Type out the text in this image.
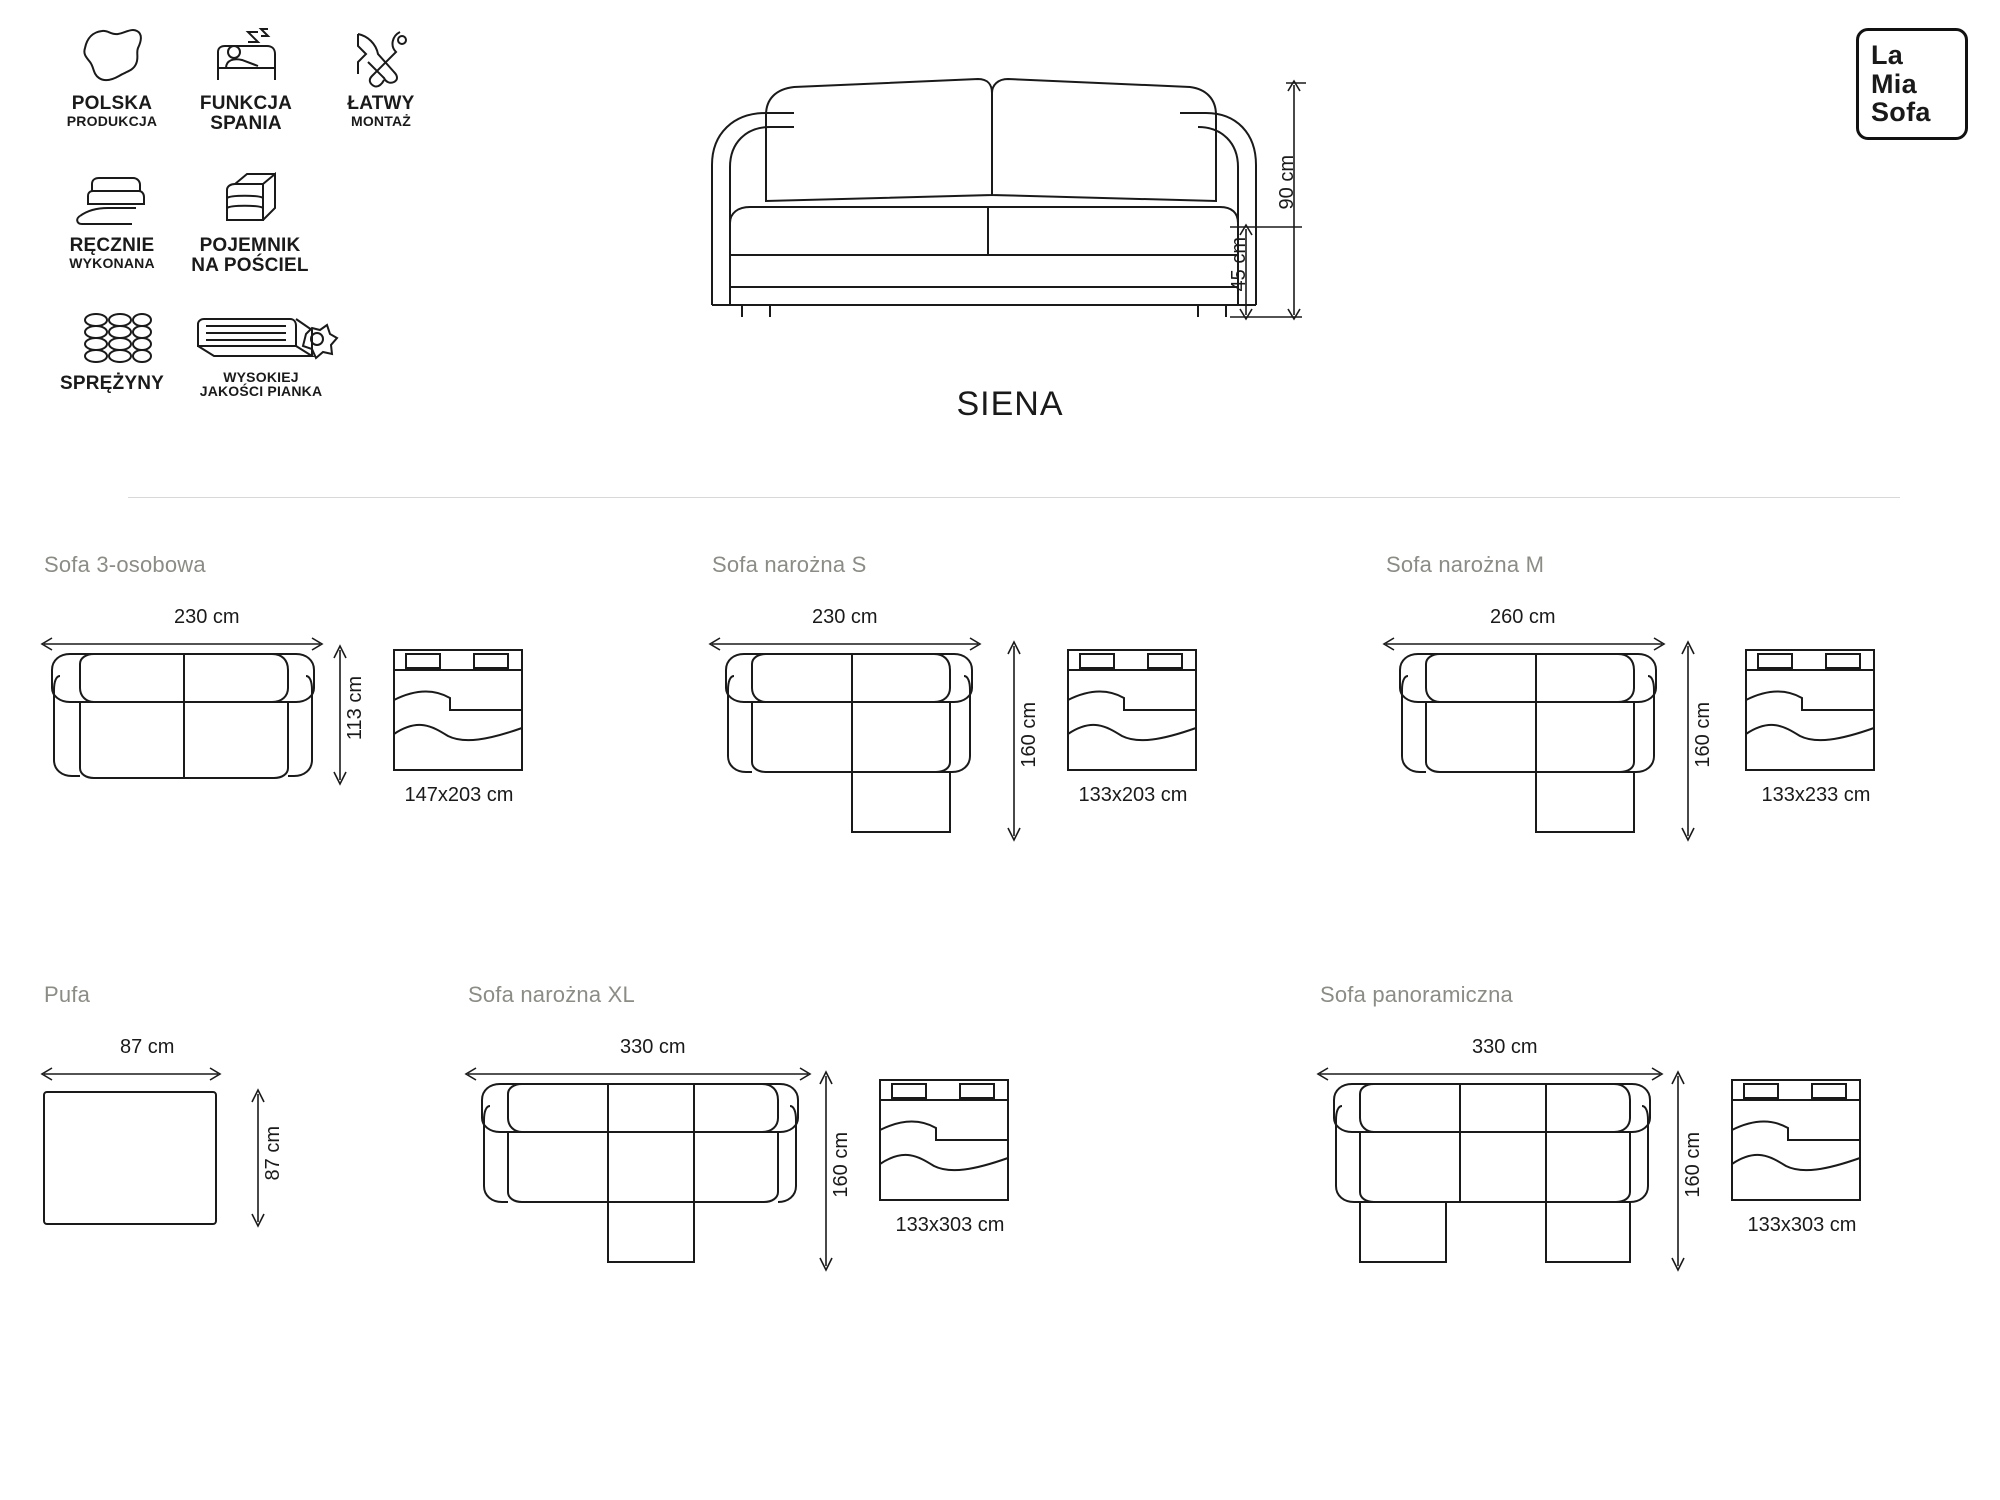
POLSKA
PRODUKCJA
FUNKCJA
SPANIA
ŁATWY
MONTAŻ
RĘCZNIE
WYKONANA
POJEMNIK
NA POŚCIEL
SPRĘŻYNY	WYSOKIEJ
JAKOŚCI PIANKA
La
Mia
Sofa
90 cm
45 cm
SIENA
Sofa 3-osobowa
230 cm
113 cm
147x203 cm
Sofa narożna S
230 cm
160 cm
133x203 cm
Sofa narożna M
260 cm
160 cm
133x233 cm
Pufa
87 cm
87 cm
Sofa narożna XL
330 cm
160 cm
133x303 cm
Sofa panoramiczna
330 cm
160 cm
133x303 cm
